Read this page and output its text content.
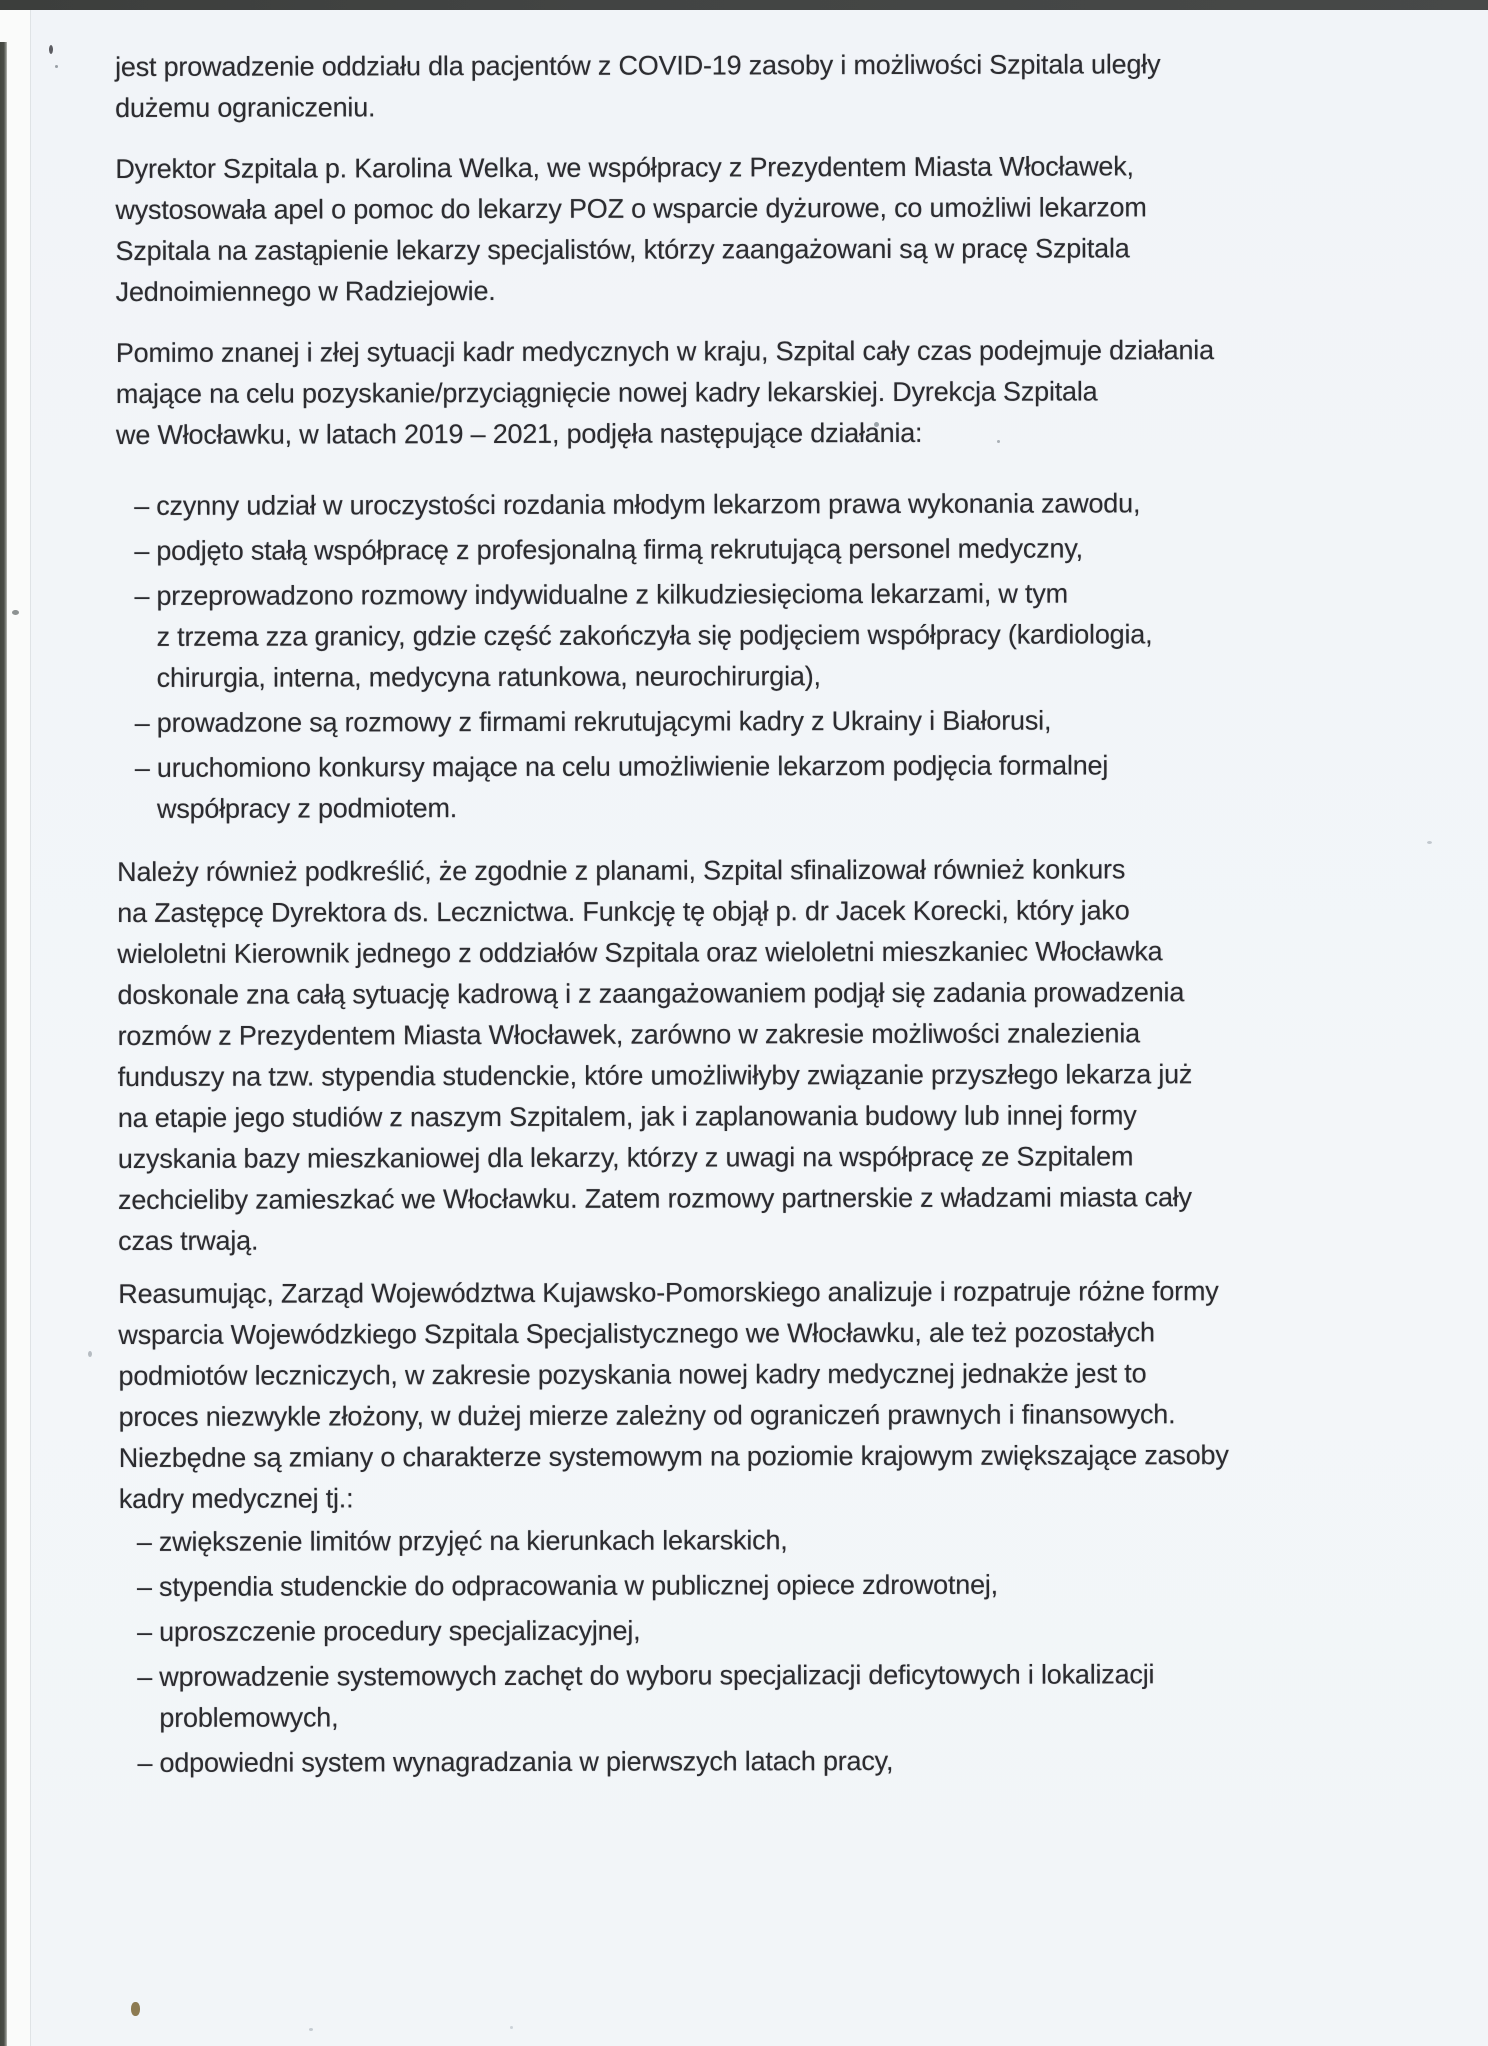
jest prowadzenie oddziału dla pacjentów z COVID-19 zasoby i możliwości Szpitala uległy
dużemu ograniczeniu.

Dyrektor Szpitala p. Karolina Welka, we współpracy z Prezydentem Miasta Włocławek,
wystosowała apel o pomoc do lekarzy POZ o wsparcie dyżurowe, co umożliwi lekarzom
Szpitala na zastąpienie lekarzy specjalistów, którzy zaangażowani są w pracę Szpitala
Jednoimiennego w Radziejowie.

Pomimo znanej i złej sytuacji kadr medycznych w kraju, Szpital cały czas podejmuje działania
mające na celu pozyskanie/przyciągnięcie nowej kadry lekarskiej. Dyrekcja Szpitala
we Włocławku, w latach 2019 – 2021, podjęła następujące działania:

– czynny udział w uroczystości rozdania młodym lekarzom prawa wykonania zawodu,
– podjęto stałą współpracę z profesjonalną firmą rekrutującą personel medyczny,
– przeprowadzono rozmowy indywidualne z kilkudziesięcioma lekarzami, w tym
z trzema zza granicy, gdzie część zakończyła się podjęciem współpracy (kardiologia,
chirurgia, interna, medycyna ratunkowa, neurochirurgia),
– prowadzone są rozmowy z firmami rekrutującymi kadry z Ukrainy i Białorusi,
– uruchomiono konkursy mające na celu umożliwienie lekarzom podjęcia formalnej
współpracy z podmiotem.

Należy również podkreślić, że zgodnie z planami, Szpital sfinalizował również konkurs
na Zastępcę Dyrektora ds. Lecznictwa. Funkcję tę objął p. dr Jacek Korecki, który jako
wieloletni Kierownik jednego z oddziałów Szpitala oraz wieloletni mieszkaniec Włocławka
doskonale zna całą sytuację kadrową i z zaangażowaniem podjął się zadania prowadzenia
rozmów z Prezydentem Miasta Włocławek, zarówno w zakresie możliwości znalezienia
funduszy na tzw. stypendia studenckie, które umożliwiłyby związanie przyszłego lekarza już
na etapie jego studiów z naszym Szpitalem, jak i zaplanowania budowy lub innej formy
uzyskania bazy mieszkaniowej dla lekarzy, którzy z uwagi na współpracę ze Szpitalem
zechcieliby zamieszkać we Włocławku. Zatem rozmowy partnerskie z władzami miasta cały
czas trwają.

Reasumując, Zarząd Województwa Kujawsko-Pomorskiego analizuje i rozpatruje różne formy
wsparcia Wojewódzkiego Szpitala Specjalistycznego we Włocławku, ale też pozostałych
podmiotów leczniczych, w zakresie pozyskania nowej kadry medycznej jednakże jest to
proces niezwykle złożony, w dużej mierze zależny od ograniczeń prawnych i finansowych.
Niezbędne są zmiany o charakterze systemowym na poziomie krajowym zwiększające zasoby
kadry medycznej tj.:

– zwiększenie limitów przyjęć na kierunkach lekarskich,
– stypendia studenckie do odpracowania w publicznej opiece zdrowotnej,
– uproszczenie procedury specjalizacyjnej,
– wprowadzenie systemowych zachęt do wyboru specjalizacji deficytowych i lokalizacji
problemowych,
– odpowiedni system wynagradzania w pierwszych latach pracy,
